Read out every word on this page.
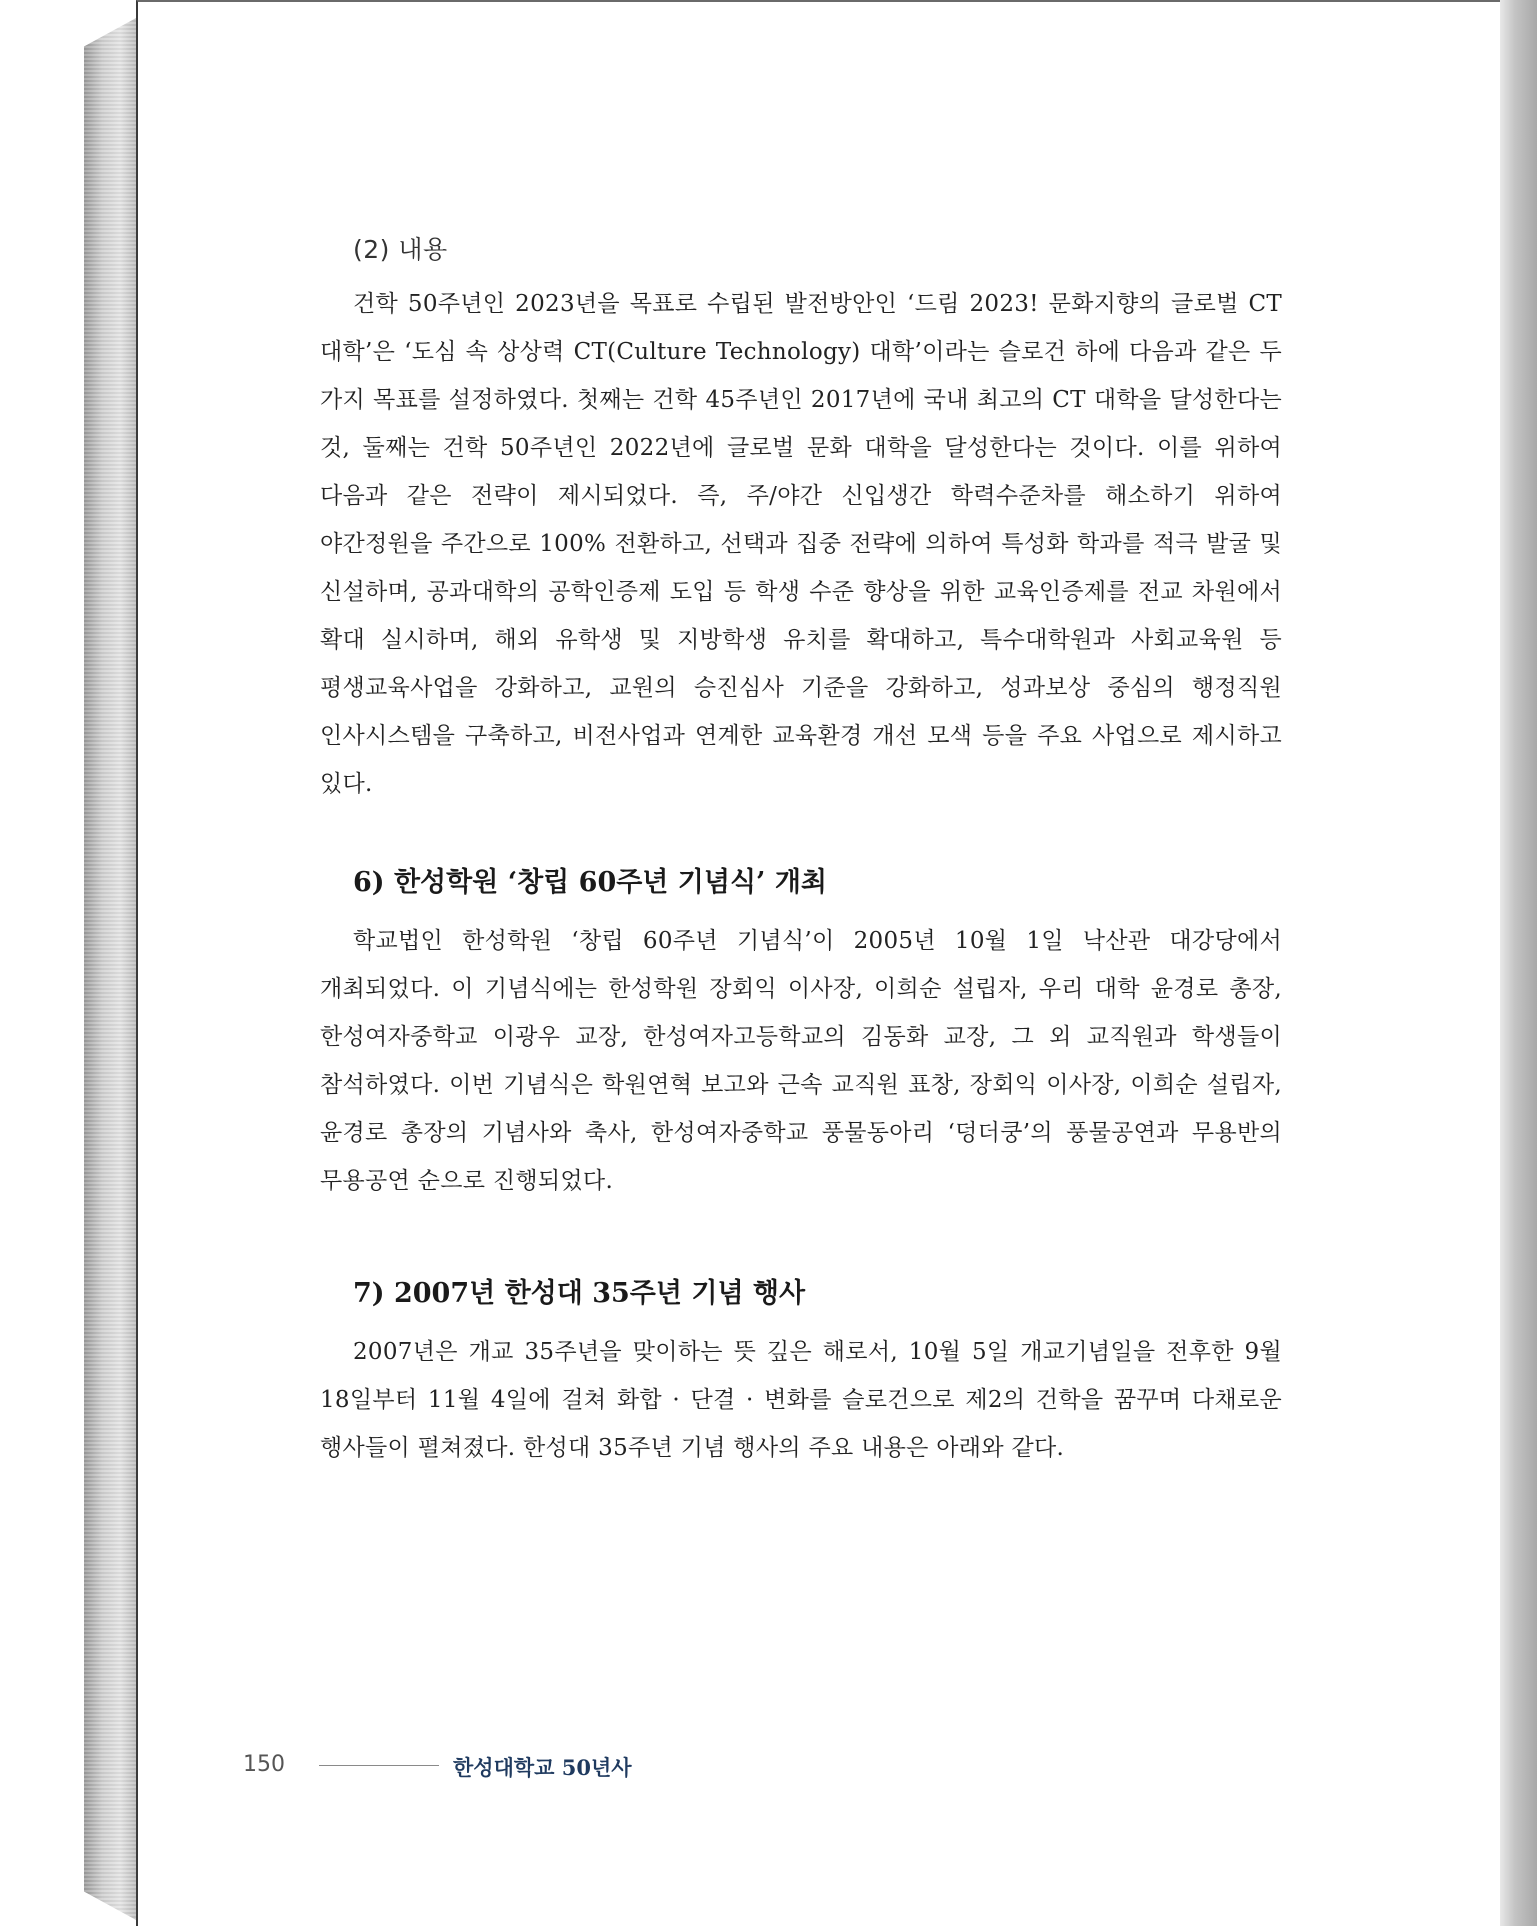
(2) 내용

건학 50주년인 2023년을 목표로 수립된 발전방안인 ‘드림 2023! 문화지향의 글로벌 CT 대학’은 ‘도심 속 상상력 CT(Culture Technology) 대학’이라는 슬로건 하에 다음과 같은 두 가지 목표를 설정하였다. 첫째는 건학 45주년인 2017년에 국내 최고의 CT 대학을 달성한다는 것, 둘째는 건학 50주년인 2022년에 글로벌 문화 대학을 달성한다는 것이다. 이를 위하여 다음과 같은 전략이 제시되었다. 즉, 주/야간 신입생간 학력수준차를 해소하기 위하여 야간정원을 주간으로 100% 전환하고, 선택과 집중 전략에 의하여 특성화 학과를 적극 발굴 및 신설하며, 공과대학의 공학인증제 도입 등 학생 수준 향상을 위한 교육인증제를 전교 차원에서 확대 실시하며, 해외 유학생 및 지방학생 유치를 확대하고, 특수대학원과 사회교육원 등 평생교육사업을 강화하고, 교원의 승진심사 기준을 강화하고, 성과보상 중심의 행정직원 인사시스템을 구축하고, 비전사업과 연계한 교육환경 개선 모색 등을 주요 사업으로 제시하고 있다.

6) 한성학원 ‘창립 60주년 기념식’ 개최

학교법인 한성학원 ‘창립 60주년 기념식’이 2005년 10월 1일 낙산관 대강당에서 개최되었다. 이 기념식에는 한성학원 장회익 이사장, 이희순 설립자, 우리 대학 윤경로 총장, 한성여자중학교 이광우 교장, 한성여자고등학교의 김동화 교장, 그 외 교직원과 학생들이 참석하였다. 이번 기념식은 학원연혁 보고와 근속 교직원 표창, 장회익 이사장, 이희순 설립자, 윤경로 총장의 기념사와 축사, 한성여자중학교 풍물동아리 ‘덩더쿵’의 풍물공연과 무용반의 무용공연 순으로 진행되었다.

7) 2007년 한성대 35주년 기념 행사

2007년은 개교 35주년을 맞이하는 뜻 깊은 해로서, 10월 5일 개교기념일을 전후한 9월 18일부터 11월 4일에 걸쳐 화합 · 단결 · 변화를 슬로건으로 제2의 건학을 꿈꾸며 다채로운 행사들이 펼쳐졌다. 한성대 35주년 기념 행사의 주요 내용은 아래와 같다.

150	한성대학교 50년사
